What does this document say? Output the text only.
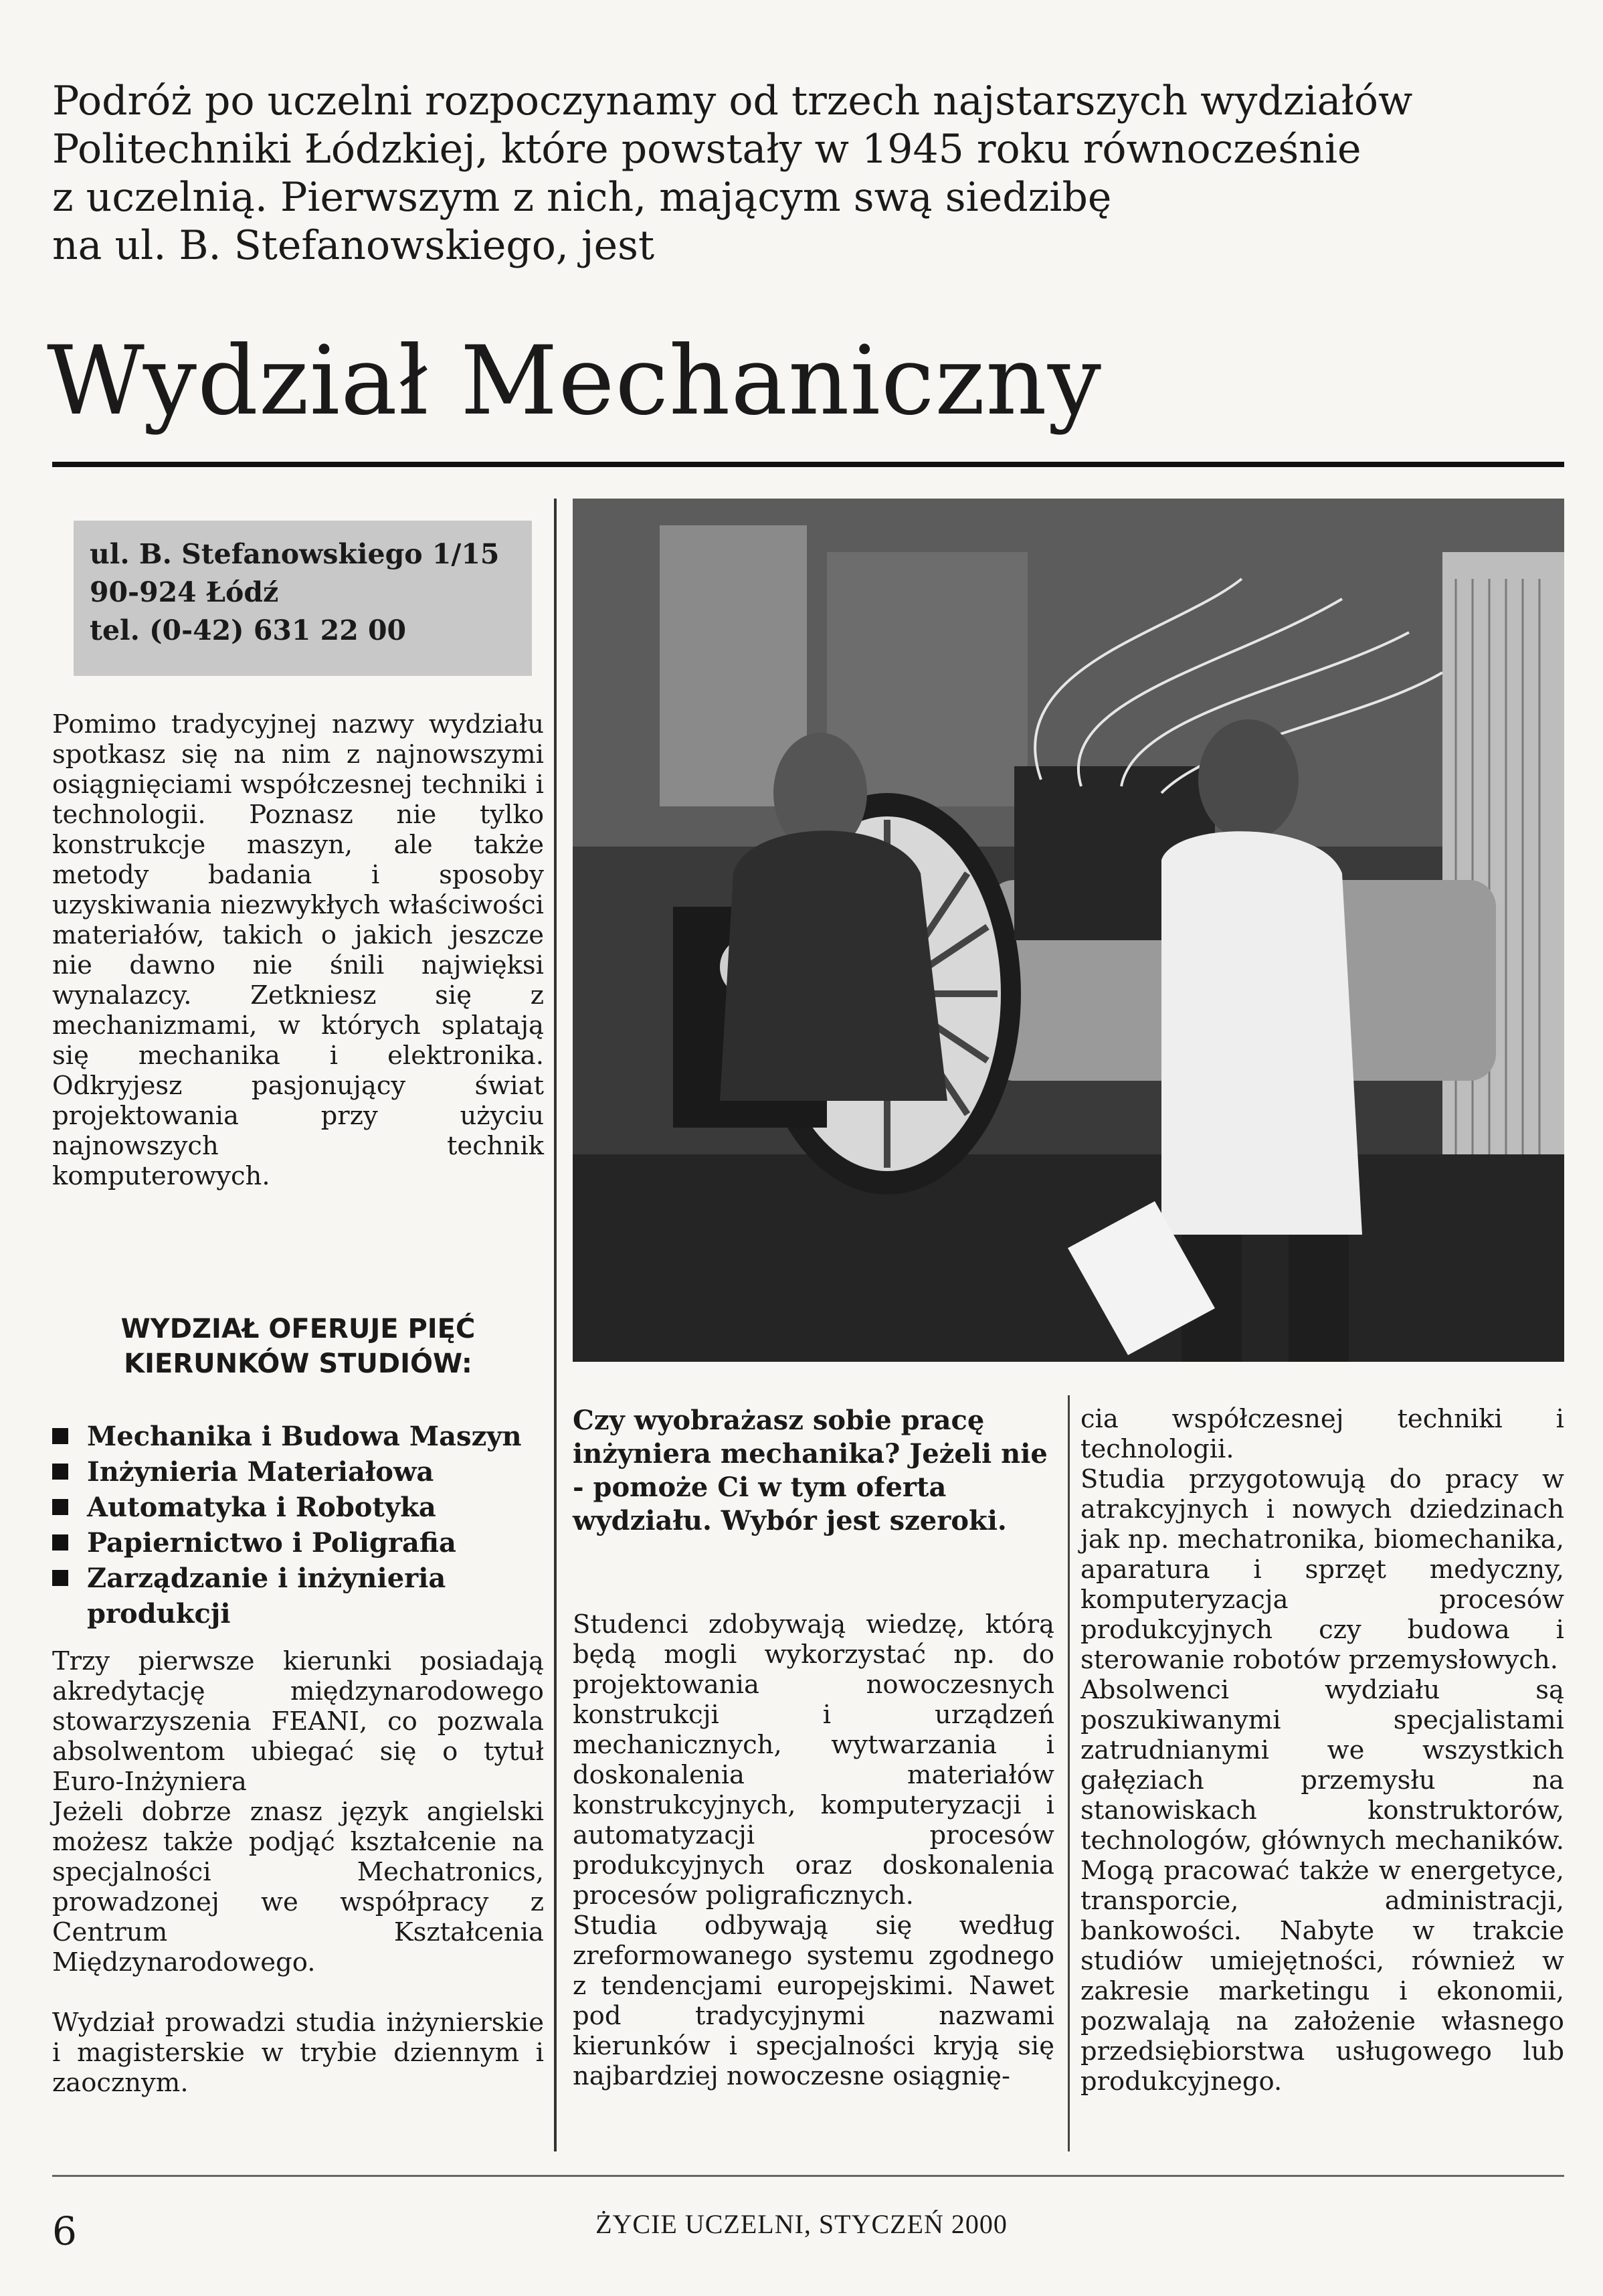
Podróż po uczelni rozpoczynamy od trzech najstarszych wydziałów
Politechniki Łódzkiej, które powstały w 1945 roku równocześnie
z uczelnią. Pierwszym z nich, mającym swą siedzibę
na ul. B. Stefanowskiego, jest
Wydział Mechaniczny
ul. B. Stefanowskiego 1/15
90-924 Łódź
tel. (0-42) 631 22 00

Pomimo tradycyjnej nazwy wydziału spotkasz się na nim z najnowszymi osiągnięciami współczesnej techniki i technologii. Poznasz nie tylko konstrukcje maszyn, ale także metody badania i sposoby uzyskiwania niezwykłych właściwości materiałów, takich o jakich jeszcze nie dawno nie śnili najwięksi wynalazcy. Zetkniesz się z mechanizmami, w których splatają się mechanika i elektronika. Odkryjesz pasjonujący świat projektowania przy użyciu najnowszych technik komputerowych.

WYDZIAŁ OFERUJE PIĘĆ
KIERUNKÓW STUDIÓW:
Mechanika i Budowa Maszyn
Inżynieria Materiałowa
Automatyka i Robotyka
Papiernictwo i Poligrafia
Zarządzanie i inżynieria produkcji

Trzy pierwsze kierunki posiadają akredytację międzynarodowego stowarzyszenia FEANI, co pozwala absolwentom ubiegać się o tytuł Euro-Inżyniera

Jeżeli dobrze znasz język angielski możesz także podjąć kształcenie na specjalności Mechatronics, prowadzonej we współpracy z Centrum Kształcenia Międzynarodowego.

Wydział prowadzi studia inżynierskie i magisterskie w trybie dziennym i zaocznym.

Czy wyobrażasz sobie pracę inżyniera mechanika? Jeżeli nie - pomoże Ci w tym oferta wydziału. Wybór jest szeroki.

Studenci zdobywają wiedzę, którą będą mogli wykorzystać np. do projektowania nowoczesnych konstrukcji i urządzeń mechanicznych, wytwarzania i doskonalenia materiałów konstrukcyjnych, komputeryzacji i automatyzacji procesów produkcyjnych oraz doskonalenia procesów poligraficznych.

Studia odbywają się według zreformowanego systemu zgodnego z tendencjami europejskimi. Nawet pod tradycyjnymi nazwami kierunków i specjalności kryją się najbardziej nowoczesne osiągnię-

cia współczesnej techniki i technologii.

Studia przygotowują do pracy w atrakcyjnych i nowych dziedzinach jak np. mechatronika, biomechanika, aparatura i sprzęt medyczny, komputeryzacja procesów produkcyjnych czy budowa i sterowanie robotów przemysłowych.

Absolwenci wydziału są poszukiwanymi specjalistami zatrudnianymi we wszystkich gałęziach przemysłu na stanowiskach konstruktorów, technologów, głównych mechaników. Mogą pracować także w energetyce, transporcie, administracji, bankowości. Nabyte w trakcie studiów umiejętności, również w zakresie marketingu i ekonomii, pozwalają na założenie własnego przedsiębiorstwa usługowego lub produkcyjnego.

ŻYCIE UCZELNI, STYCZEŃ 2000
6
